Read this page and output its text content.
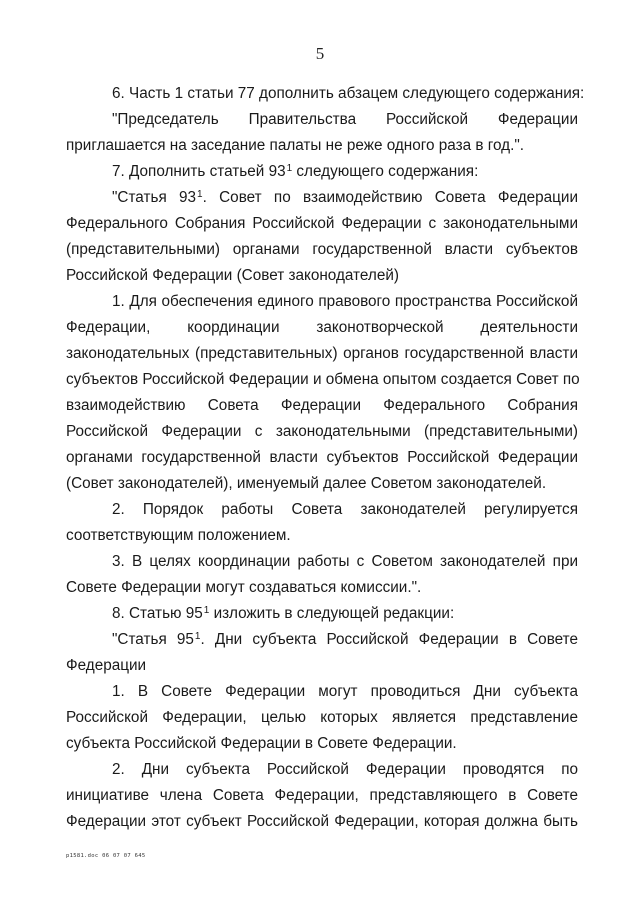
5
6. Часть 1 статьи 77 дополнить абзацем следующего содержания:
"Председатель Правительства Российской Федерации
приглашается на заседание палаты не реже одного раза в год.".
7. Дополнить статьей $93^1$ следующего содержания:
"Статья $93^1$. Совет по взаимодействию Совета Федерации
Федерального Собрания Российской Федерации с законодательными
(представительными) органами государственной власти субъектов
Российской Федерации (Совет законодателей)
1. Для обеспечения единого правового пространства Российской
Федерации, координации законотворческой деятельности
законодательных (представительных) органов государственной власти
субъектов Российской Федерации и обмена опытом создается Совет по
взаимодействию Совета Федерации Федерального Собрания
Российской Федерации с законодательными (представительными)
органами государственной власти субъектов Российской Федерации
(Совет законодателей), именуемый далее Советом законодателей.
2. Порядок работы Совета законодателей регулируется
соответствующим положением.
3. В целях координации работы с Советом законодателей при
Совете Федерации могут создаваться комиссии.".
8. Статью $95^1$ изложить в следующей редакции:
"Статья $95^1$. Дни субъекта Российской Федерации в Совете
Федерации
1. В Совете Федерации могут проводиться Дни субъекта
Российской Федерации, целью которых является представление
субъекта Российской Федерации в Совете Федерации.
2. Дни субъекта Российской Федерации проводятся по
инициативе члена Совета Федерации, представляющего в Совете
Федерации этот субъект Российской Федерации, которая должна быть
p1581.doc 06 07 07 645
